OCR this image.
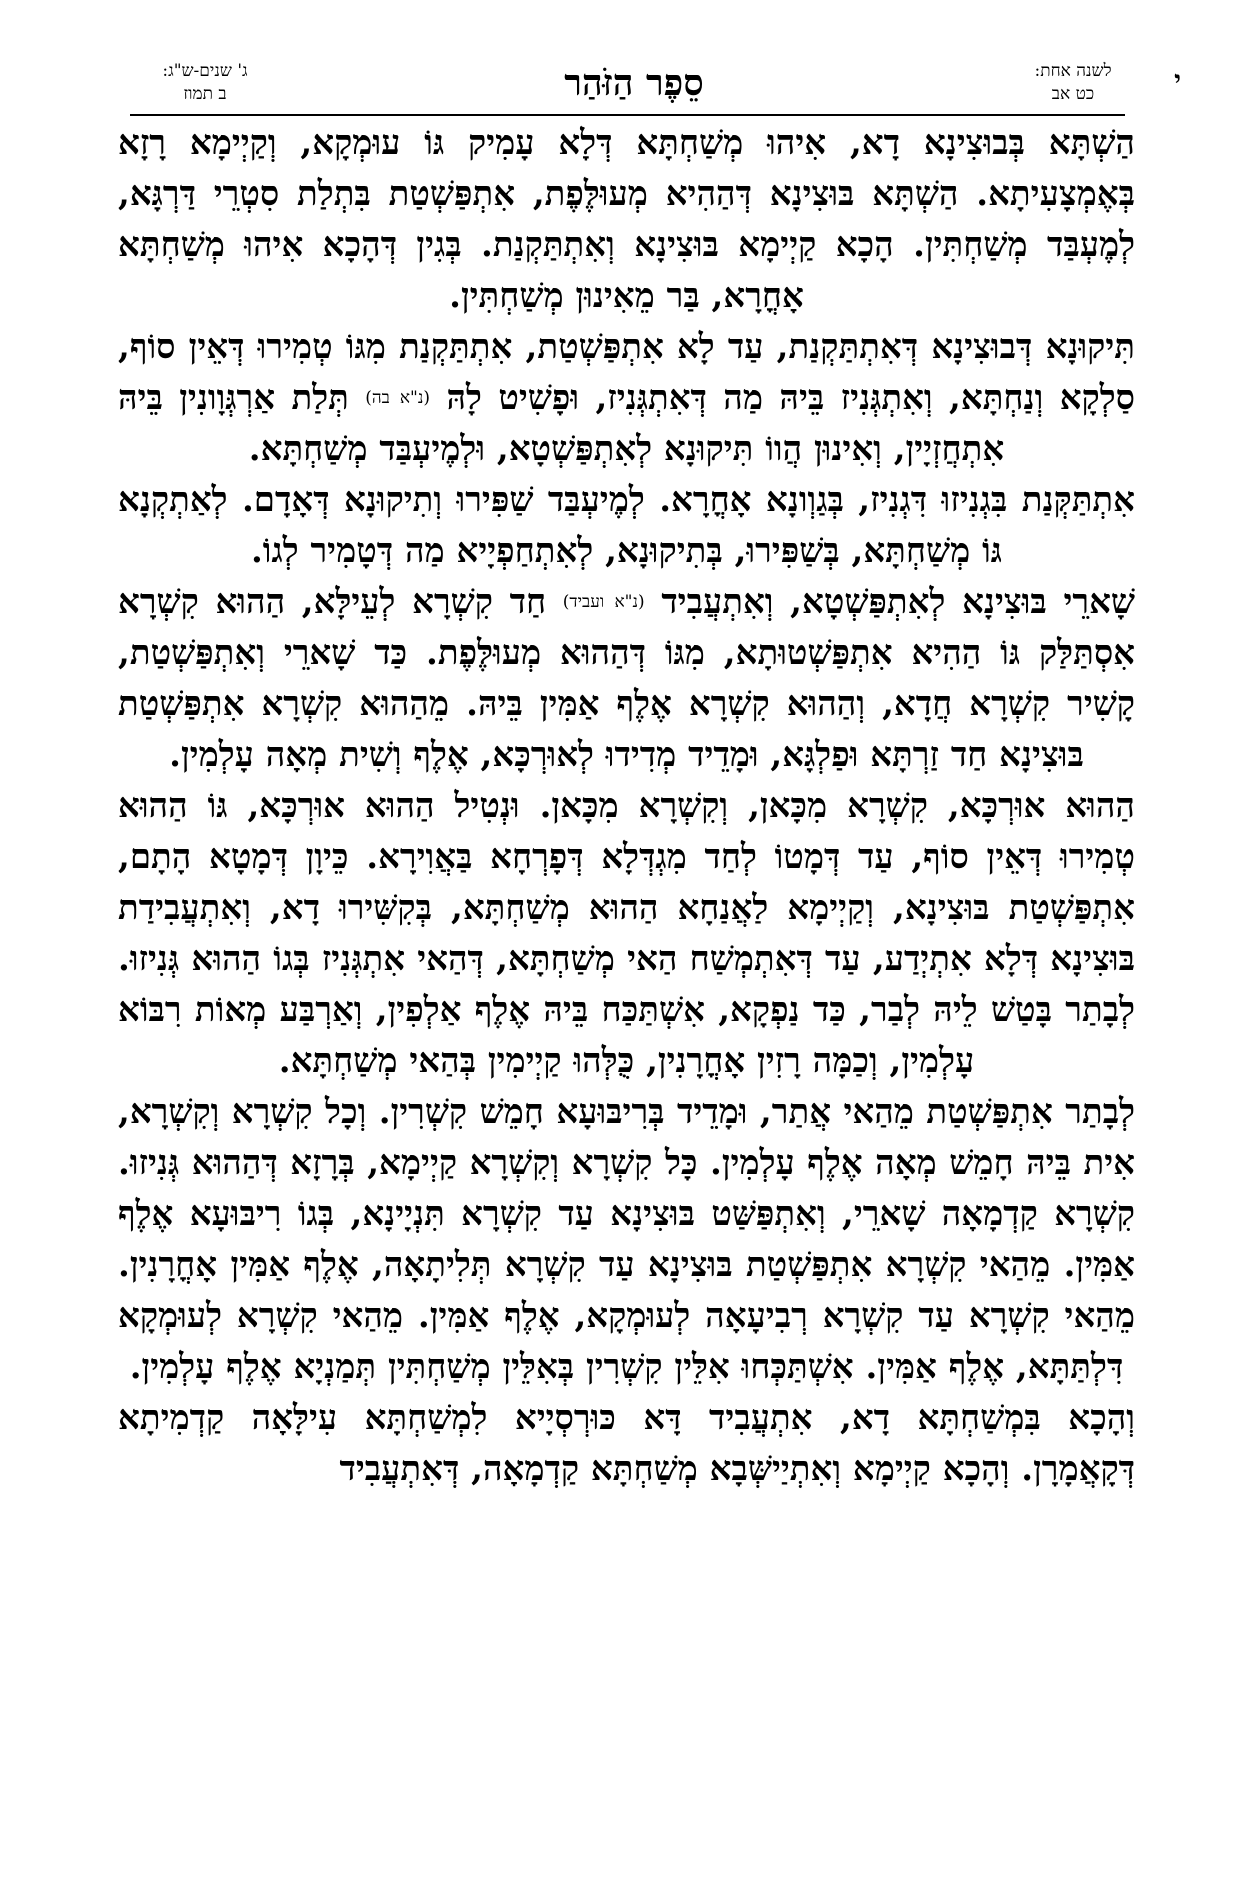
לשנה אחת:
כט אב
סֵפֶר הַזֹּהַר
ג' שנים-ש"ג:
ב תמוז	י

הַשְׁתָּא בְּבוּצִינָא דָא, אִיהוּ מְשַׁחְתָּא דְּלָא עָמִיק גּוֹ עוּמְקָא, וְקַיְימָא רָזָא בְּאֶמְצָעִיתָא. הַשְׁתָּא בּוּצִינָא דְּהַהִיא מְעוּלֶּפֶת, אִתְפַּשְׁטַת בִּתְלַת סִטְרֵי דַּרְגָּא, לְמֶעְבַּד מְשַׁחְתִּין. הָכָא קַיְימָא בּוּצִינָא וְאִתְתַּקְנַת. בְּגִין דְּהָכָא אִיהוּ מְשַׁחְתָּא אָחֳרָא, בַּר מֵאִינוּן מְשַׁחְתִּין.

תִּיקוּנָא דְּבוּצִינָא דְּאִתְתַּקְנַת, עַד לָא אִתְפַּשְׁטַת, אִתְתַּקְנַת מִגּוֹ טְמִירוּ דְּאֵין סוֹף, סַלְקָא וְנַחְתָּא, וְאִתְגְּנִיז בֵּיהּ מַה דְּאִתְגְּנִיז, וּפָשִׁיט לָהּ (נ"א בה) תְּלַת אַרְגְּוָונִין בֵּיהּ אִתְחֲזְיָין, וְאִינוּן הֲווֹ תִּיקוּנָא לְאִתְפַּשְׁטָא, וּלְמֶיעְבַּד מְשַׁחְתָּא.

אִתְתַּקְּנַת בִּגְנִיזוּ דִּגְנִיז, בְּגַוְונָא אָחֳרָא. לְמֶיעְבַּד שַׁפִּירוּ וְתִיקוּנָא דְּאָדָם. לְאַתְקְנָא גּוֹ מְשַׁחְתָּא, בְּשַׁפִּירוּ, בְּתִיקוּנָא, לְאִתְחַפְיָיא מַה דְּטָמִיר לְגוֹ.

שָׁארֵי בּוּצִינָא לְאִתְפַּשְׁטָא, וְאִתְעֲבִיד (נ"א ועביד) חַד קִשְׁרָא לְעֵילָּא, הַהוּא קִשְׁרָא אִסְתַּלַּק גּוֹ הַהִיא אִתְפַּשְׁטוּתָא, מִגּוֹ דְּהַהוּא מְעוּלֶּפֶת. כַּד שָׁארֵי וְאִתְפַּשְׁטַת, קָשִׁיר קִשְׁרָא חֲדָא, וְהַהוּא קִשְׁרָא אֶלֶף אַמִּין בֵּיהּ. מֵהַהוּא קִשְׁרָא אִתְפַּשְׁטַת בּוּצִינָא חַד זַרְתָּא וּפַלְגָּא, וּמָדֵיד מְדִידוּ לְאוּרְכָּא, אֶלֶף וְשִׁית מְאָה עָלְמִין.

הַהוּא אוּרְכָּא, קִשְׁרָא מִכָּאן, וְקִשְׁרָא מִכָּאן. וּנְטִיל הַהוּא אוּרְכָּא, גּוֹ הַהוּא טְמִירוּ דְּאֵין סוֹף, עַד דְּמָטוֹ לְחַד מִגְדְּלָא דְּפָרְחָא בַּאֲוִירָא. כֵּיוָן דְּמָטָא הָתָם, אִתְפַּשְׁטַת בּוּצִינָא, וְקַיְימָא לַאֲנַחָא הַהוּא מְשַׁחְתָּא, בְּקִשִּׁירוּ דָא, וְאִתְעֲבִידַת בּוּצִינָא דְּלָא אִתְיְדַע, עַד דְּאִתְמְשַׁח הַאי מְשַׁחְתָּא, דְּהַאי אִתְגְּנִיז בְּגוֹ הַהוּא גְּנִיזוּ. לְבָתַר בָּטַשׁ לֵיהּ לְבַר, כַּד נַפְקָא, אִשְׁתַּכַּח בֵּיהּ אֶלֶף אַלְפִין, וְאַרְבַּע מְאוֹת רִבּוֹא עָלְמִין, וְכַמָּה רָזִין אָחֳרָנִין, כֻּלְּהוּ קַיְימִין בְּהַאי מְשַׁחְתָּא.

לְבָתַר אִתְפַּשְׁטַת מֵהַאי אֲתַר, וּמָדֵיד בְּרִיבּוּעָא חָמֵשׁ קִשְׁרִין. וְכָל קִשְׁרָא וְקִשְׁרָא, אִית בֵּיהּ חָמֵשׁ מְאָה אֶלֶף עָלְמִין. כָּל קִשְׁרָא וְקִשְׁרָא קַיְימָא, בְּרָזָא דְּהַהוּא גְּנִיזוּ. קִשְׁרָא קַדְמָאָה שָׁארֵי, וְאִתְפַּשַּׁט בּוּצִינָא עַד קִשְׁרָא תִּנְיָינָא, בְּגוֹ רִיבּוּעָא אֶלֶף אַמִּין. מֵהַאי קִשְׁרָא אִתְפַּשְׁטַת בּוּצִינָא עַד קִשְׁרָא תְּלִיתָאָה, אֶלֶף אַמִּין אָחֳרָנִין. מֵהַאי קִשְׁרָא עַד קִשְׁרָא רְבִיעָאָה לְעוּמְקָא, אֶלֶף אַמִּין. מֵהַאי קִשְׁרָא לְעוּמְקָא דִּלְתַּתָּא, אֶלֶף אַמִּין. אִשְׁתַּכְּחוּ אִלֵּין קִשְׁרִין בְּאִלֵּין מְשַׁחְתִּין תְּמַנְיָא אֶלֶף עָלְמִין.

וְהָכָא בִּמְשַׁחְתָּא דָא, אִתְעֲבִיד דָּא כּוּרְסְיָיא לִמְשַׁחְתָּא עִילָּאָה קַדְמִיתָא דְּקָאֲמָרָן. וְהָכָא קַיְימָא וְאִתְיַישְּׁבָא מְשַׁחְתָּא קַדְמָאָה, דְּאִתְעֲבִיד
